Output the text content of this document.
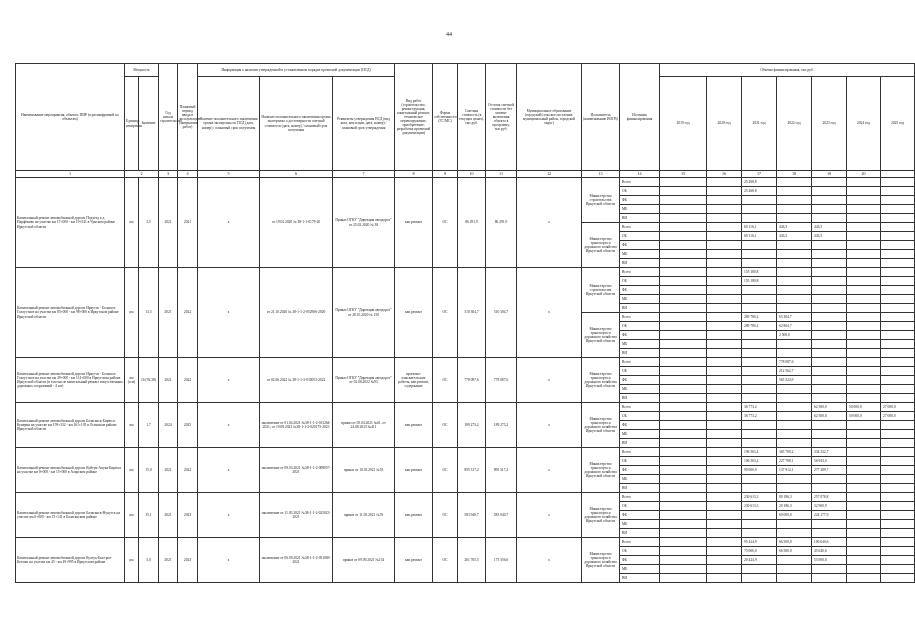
44
Наименование мероприятия, объекта, ПИР (в расшифровкой по объектам)	Мощность		Год начала строительства	Плановый период ввода в эксплуатацию (завершения работ)	Информация о наличии утвержденной в установленном порядке проектной документации (ПСД)			Вид работ (строительство, реконструкция, капитальный ремонт, техническое перевооружение, приобретение, разработка проектной документации)	Форма собственности (ГС/МС)	Сметная стоимость (в текущих ценах), тыс.руб.	Остаток сметной стоимости без момент включения объекта в программу, тыс.руб.	Муниципальное образование (городской/сельское поселение, муниципальный район, городской округ)	Исполнитель (наименование ИОГВ)	Источник финансирования	Объемы финансирования, тыс.руб.						
	Единица измерения	Значение			Наличие положительного заключения органа экспертизы по ПСД (дата, номер) / плановый срок получения	Наличие положительного заключения органа экспертизы о достоверности сметной стоимости (дата, номер) / плановый срок получения	Реквизиты утверждения ПСД (вид акта, кем издан, дата, номер) / плановый срок утверждения								2019 год	2020 год	2021 год	2022 год	2023 год	2024 год	2025 год
1	2		3	4	5	6	7	8	9	10	11	12	13	14	15	16	17	18	19	20	
Капитальный ремонт автомобильной дороги Подъезд к д. Парфёново на участке км 17+000 - км 19+541 в Чунском районе Иркутской области	км	2,5	2021	2021	х	от 19.02.2020 № 38-1-1-0179-20	Приказ ОГКУ "Дирекция автодорог" от 25.02.2020 № 38	кап.ремонт	ОС	86 291,9	86 291,9	х	Министерство строительства Иркутской области	Всего			25 268,8				
														ОБ			25 268,8				
														ФБ							
														МБ							
														ВИ							
													Министерство транспорта и дорожного хозяйства Иркутской области	Всего			60 116,1	443,5	443,5		
														ОБ			60 116,1	443,5	443,5		
														ФБ							
														МБ							
														ВИ							
Капитальный ремонт автомобильной дороги Иркутск - Большое Голоустное на участке км 85+000 - км 98+000 в Иркутском районе Иркутской области	км	13,5	2021	2022	х	от 21.10.2020 № 38-1-1-2-052906-2020	Приказ ОГКУ "Дирекция автодорог" от 28.10.2020 № 150	кап.ремонт	ОС	510 304,7	510 304,7	х	Министерство строительства Иркутской области	Всего			155 180,8				
														ОБ			155 180,8				
														ФБ							
														МБ							
														ВИ							
													Министерство транспорта и дорожного хозяйства Иркутской области	Всего			289 780,2	65 304,7			
														ОБ			289 780,2	62 804,7			
														ФБ				2 500,0			
														МБ							
														ВИ							
Капитальный ремонт автомобильной дороги Иркутск - Большое Голоустное на участке км 49+000 - км 114+000 в Иркутском районе Иркутской области (в том числе капитальный ремонт искусственных дорожных сооружений - 4 шт)	км (п.м)	16 (92,38)	2021	2022	х	от 02.06.2022 № 38-1-1-3-035053-2022	Приказ ОГКУ "Дирекция автодорог" от 02.06.2022 №93	проектно-изыскательские работы, кап.ремонт, содержание	ОС	778 087,6	778 087,6	х	Министерство транспорта и дорожного хозяйства Иркутской области	Всего				778 087,6			
														ОБ				212 562,7			
														ФБ				565 524,9			
														МБ							
														ВИ							
Капитальный ремонт автомобильной дороги Балаганск-Бирюса-Кунерма на участке км 159+332 - км 161+105 в Осинском районе Иркутской области	км	1,7	2024	2025	х	заключение от 01.04.2021 №38-1-1-2-013264-2021; от 19.08.2023 №38-1-1-2-020175-2023	приказ от 05.04.2021 №61, от 24.08.2023 №411	кап.ремонт	ОС	189 273,2	189 273,2	х	Министерство транспорта и дорожного хозяйства Иркутской области	Всего			36 773,2		62 500,0	50 000,0	27 000,0
														ОБ			36 773,2		62 500,0	50 000,0	27 000,0
														ФБ							
														МБ							
														ВИ							
Капитальный ремонт автомобильной дороги Куйтун-Апука-Бирюса на участке км 0+000 - км 15+000 в Аларском районе	км	15,0	2021	2022	х	заключение от 09.03.2021 №38-1-1-2-008057-2021	приказ от 10.03.2021 №53	кап.ремонт	ОС	895 317,2	895 317,2	х	Министерство транспорта и дорожного хозяйства Иркутской области	Всего			196 563,4	365 700,2	334 232,7		
														ОБ			106 563,4	227 788,1	56 943,0		
														ФБ			90 000,0	137 912,1	277 289,7		
														МБ							
														ВИ							
Капитальный ремонт автомобильной дороги Балаганск-Нукутск на участке км 0+000 - км 15+141 в Балаганском районе	км	15,1	2021	2023	х	заключение от 11.05.2021 №38-1-1-2-025023-2021	приказ от 11.05.2021 №76	кап.ремонт	ОС	583 940,7	583 940,7	х	Министерство транспорта и дорожного хозяйства Иркутской области	Всего			230 613,3	80 186,3	257 078,8		
														ОБ			230 613,3	20 186,3	32 900,9		
														ФБ				60 000,0	224 177,9		
														МБ							
														ВИ							
Капитальный ремонт автомобильной дороги Култук-Быстрое-Кеглаш на участке км 45 - км 49+995 в Иркутском районе	км	5,0	2021	2023	х	заключение от 06.09.2021 №38-1-1-2-051069-2021	приказ от 09.09.2021 №134	кап.ремонт	ОС	261 765,5	175 356,6	х	Министерство транспорта и дорожного хозяйства Иркутской области	Всего			95 424,9	66 500,0	100 640,6		
														ОБ			75 000,0	66 500,0	45 640,6		
														ФБ			20 424,9		55 000,0		
														МБ							
														ВИ							
